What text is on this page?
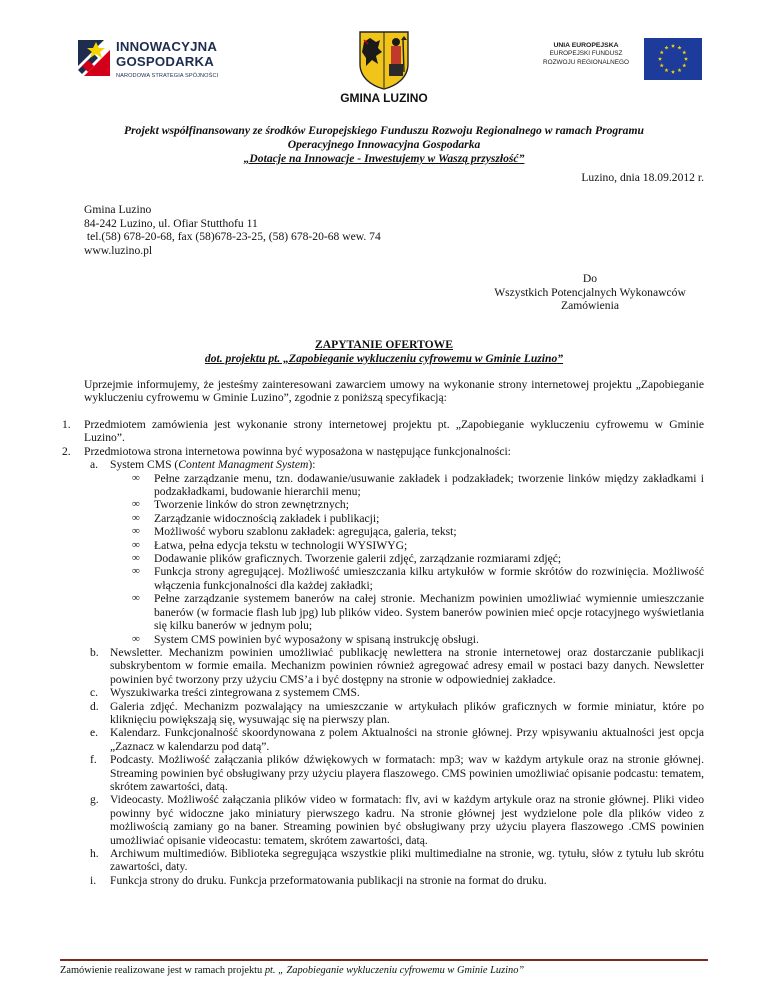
INNOWACYJNA
GOSPODARKA
NARODOWA STRATEGIA SPÓJNOŚCI
GMINA LUZINO
UNIA EUROPEJSKA
EUROPEJSKI FUNDUSZ
ROZWOJU REGIONALNEGO
Projekt współfinansowany ze środków Europejskiego Funduszu Rozwoju Regionalnego w ramach Programu
Operacyjnego Innowacyjna Gospodarka
„Dotacje na Innowacje - Inwestujemy w Waszą przyszłość”
Luzino, dnia 18.09.2012 r.
Gmina Luzino
84-242 Luzino, ul. Ofiar Stutthofu 11
tel.(58) 678-20-68, fax (58)678-23-25, (58) 678-20-68 wew. 74
www.luzino.pl
Do
Wszystkich Potencjalnych Wykonawców
Zamówienia
ZAPYTANIE OFERTOWE
dot. projektu pt. „Zapobieganie wykluczeniu cyfrowemu w Gminie Luzino”
Uprzejmie informujemy, że jesteśmy zainteresowani zawarciem umowy na wykonanie strony internetowej projektu „Zapobieganie wykluczeniu cyfrowemu w Gminie Luzino”, zgodnie z poniższą specyfikacją:
1. Przedmiotem zamówienia jest wykonanie strony internetowej projektu pt. „Zapobieganie wykluczeniu cyfrowemu w Gminie Luzino”.
2. Przedmiotowa strona internetowa powinna być wyposażona w następujące funkcjonalności:
a. System CMS (Content Managment System):
∞ Pełne zarządzanie menu, tzn. dodawanie/usuwanie zakładek i podzakładek; tworzenie linków między zakładkami i podzakładkami, budowanie hierarchii menu;
∞ Tworzenie linków do stron zewnętrznych;
∞ Zarządzanie widocznością zakładek i publikacji;
∞ Możliwość wyboru szablonu zakładek: agregująca, galeria, tekst;
∞ Łatwa, pełna edycja tekstu w technologii WYSIWYG;
∞ Dodawanie plików graficznych. Tworzenie galerii zdjęć, zarządzanie rozmiarami zdjęć;
∞ Funkcja strony agregującej. Możliwość umieszczania kilku artykułów w formie skrótów do rozwinięcia. Możliwość włączenia funkcjonalności dla każdej zakładki;
∞ Pełne zarządzanie systemem banerów na całej stronie. Mechanizm powinien umożliwiać wymiennie umieszczanie banerów (w formacie flash lub jpg) lub plików video. System banerów powinien mieć opcje rotacyjnego wyświetlania się kilku banerów w jednym polu;
∞ System CMS powinien być wyposażony w spisaną instrukcję obsługi.
b. Newsletter. Mechanizm powinien umożliwiać publikację newlettera na stronie internetowej oraz dostarczanie publikacji subskrybentom w formie emaila. Mechanizm powinien również agregować adresy email w postaci bazy danych. Newsletter powinien być tworzony przy użyciu CMS’a i być dostępny na stronie w odpowiedniej zakładce.
c. Wyszukiwarka treści zintegrowana z systemem CMS.
d. Galeria zdjęć. Mechanizm pozwalający na umieszczanie w artykułach plików graficznych w formie miniatur, które po kliknięciu powiększają się, wysuwając się na pierwszy plan.
e. Kalendarz. Funkcjonalność skoordynowana z polem Aktualności na stronie głównej. Przy wpisywaniu aktualności jest opcja „Zaznacz w kalendarzu pod datą”.
f. Podcasty. Możliwość załączania plików dźwiękowych w formatach: mp3; wav w każdym artykule oraz na stronie głównej. Streaming powinien być obsługiwany przy użyciu playera flaszowego. CMS powinien umożliwiać opisanie podcastu: tematem, skrótem zawartości, datą.
g. Videocasty. Możliwość załączania plików video w formatach: flv, avi w każdym artykule oraz na stronie głównej. Pliki video powinny być widoczne jako miniatury pierwszego kadru. Na stronie głównej jest wydzielone pole dla plików video z możliwością zamiany go na baner. Streaming powinien być obsługiwany przy użyciu playera flaszowego .CMS powinien umożliwiać opisanie videocastu: tematem, skrótem zawartości, datą.
h. Archiwum multimediów. Biblioteka segregująca wszystkie pliki multimedialne na stronie, wg. tytułu, słów z tytułu lub skrótu zawartości, daty.
i. Funkcja strony do druku. Funkcja przeformatowania publikacji na stronie na format do druku.
Zamówienie realizowane jest w ramach projektu pt. „ Zapobieganie wykluczeniu cyfrowemu w Gminie Luzino”
